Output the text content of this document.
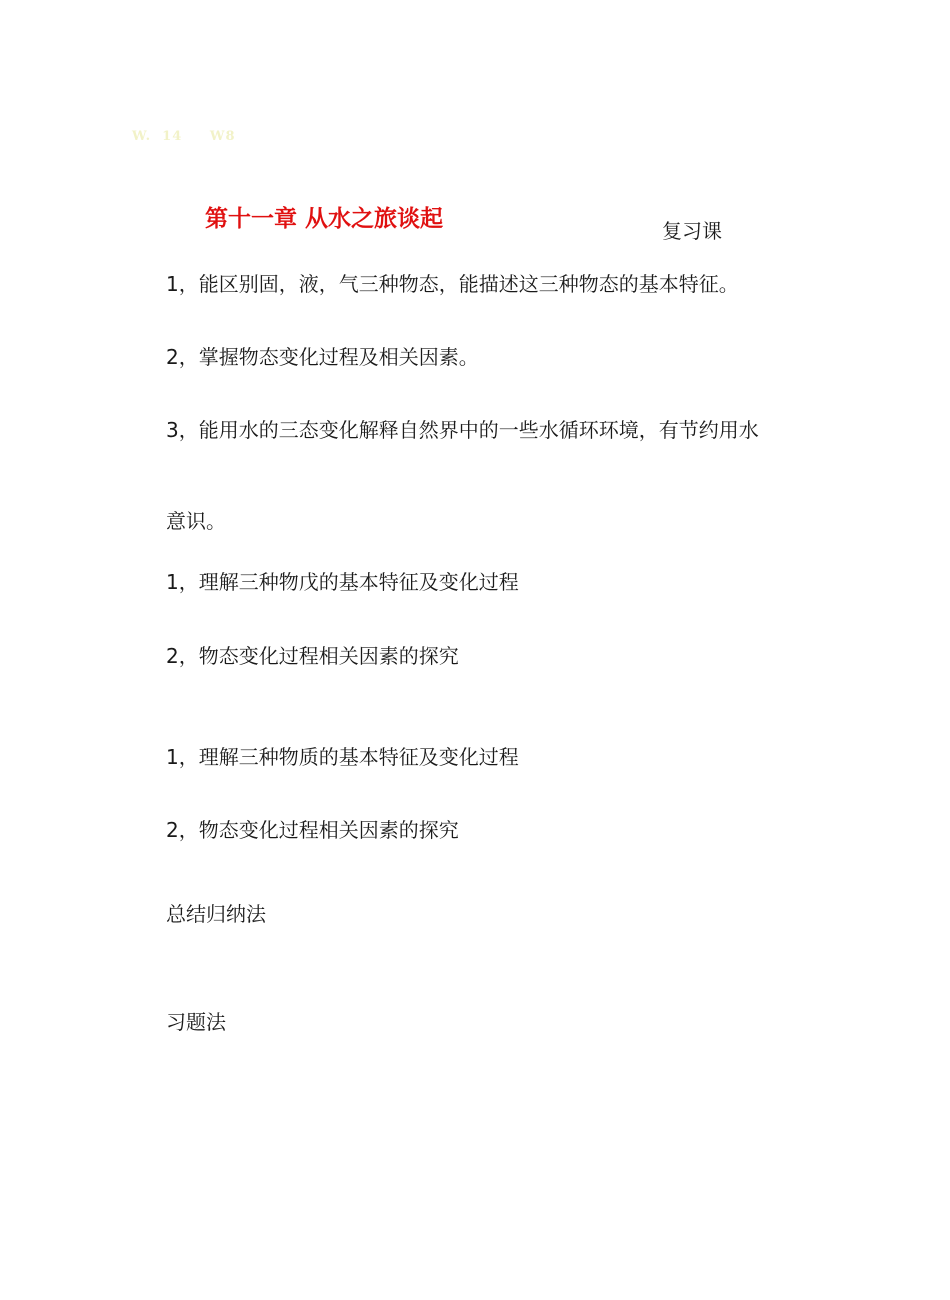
W.  14     W8
第十一章 从水之旅谈起	复习课
1，能区别固，液，气三种物态，能描述这三种物态的基本特征。
2，掌握物态变化过程及相关因素。
3，能用水的三态变化解释自然界中的一些水循环环境，有节约用水
意识。
1，理解三种物戊的基本特征及变化过程
2，物态变化过程相关因素的探究
1，理解三种物质的基本特征及变化过程
2，物态变化过程相关因素的探究
总结归纳法
习题法
